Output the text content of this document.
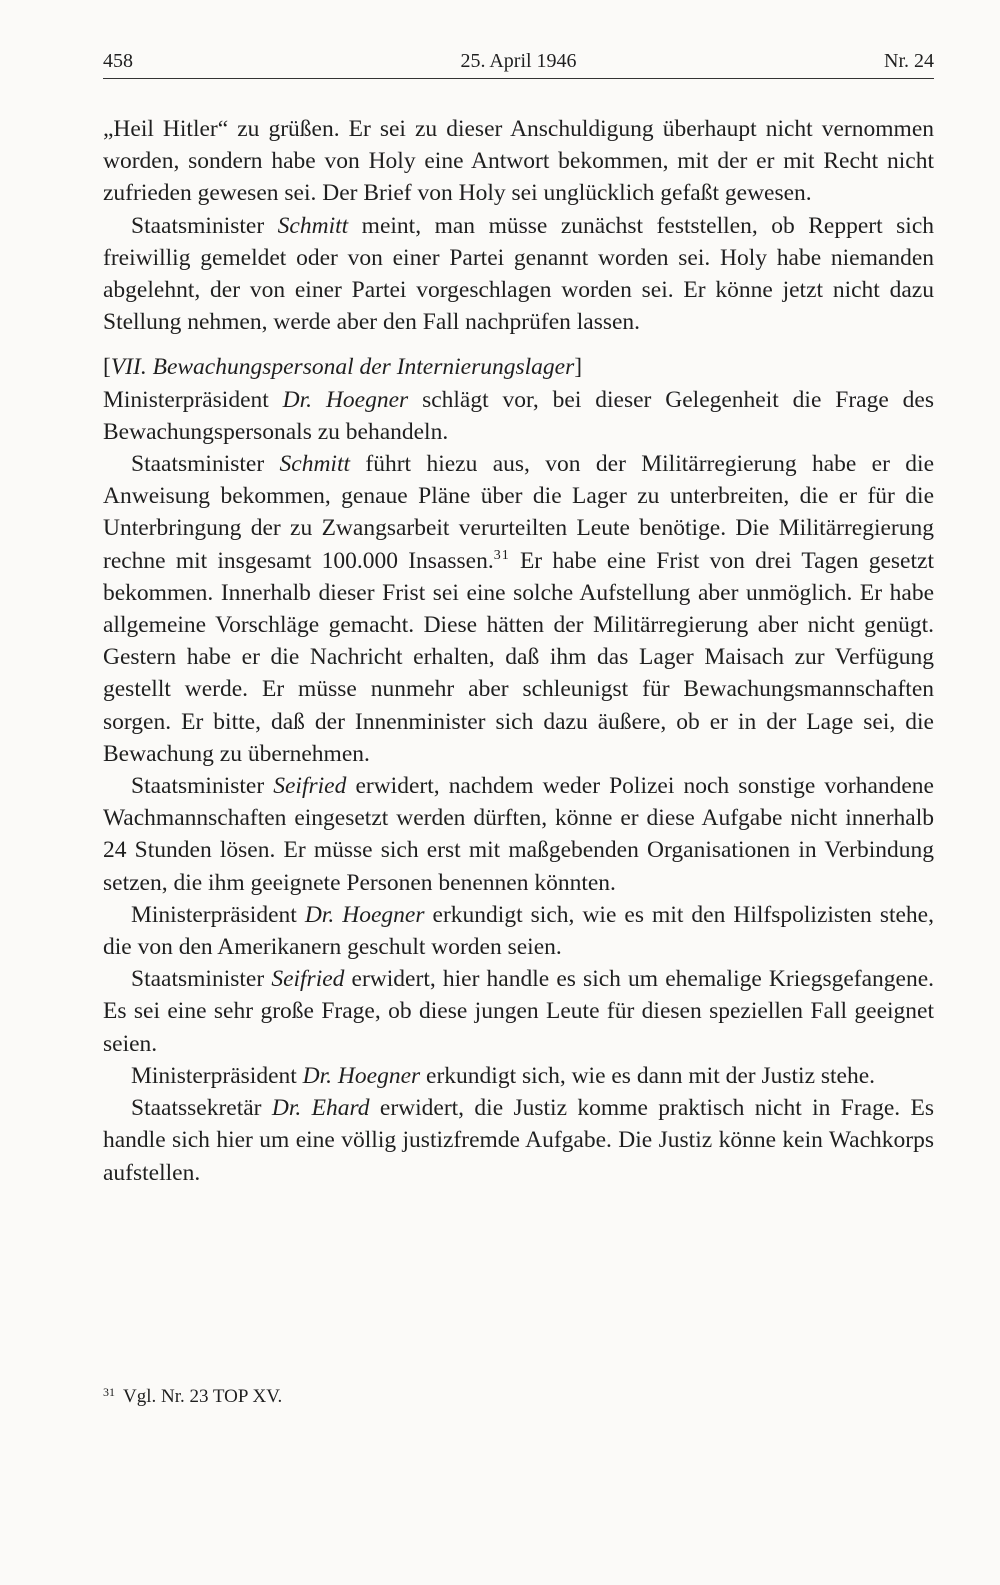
458	25. April 1946	Nr. 24

„Heil Hitler“ zu grüßen. Er sei zu dieser Anschuldigung überhaupt nicht vernommen worden, sondern habe von Holy eine Antwort bekommen, mit der er mit Recht nicht zufrieden gewesen sei. Der Brief von Holy sei unglücklich gefaßt gewesen.

Staatsminister Schmitt meint, man müsse zunächst feststellen, ob Reppert sich freiwillig gemeldet oder von einer Partei genannt worden sei. Holy habe niemanden abgelehnt, der von einer Partei vorgeschlagen worden sei. Er könne jetzt nicht dazu Stellung nehmen, werde aber den Fall nachprüfen lassen.

[VII. Bewachungspersonal der Internierungslager]

Ministerpräsident Dr. Hoegner schlägt vor, bei dieser Gelegenheit die Frage des Bewachungspersonals zu behandeln.

Staatsminister Schmitt führt hiezu aus, von der Militärregierung habe er die Anweisung bekommen, genaue Pläne über die Lager zu unterbreiten, die er für die Unterbringung der zu Zwangsarbeit verurteilten Leute benötige. Die Militärregierung rechne mit insgesamt 100.000 Insassen.$^{31}$ Er habe eine Frist von drei Tagen gesetzt bekommen. Innerhalb dieser Frist sei eine solche Aufstellung aber unmöglich. Er habe allgemeine Vorschläge gemacht. Diese hätten der Militärregierung aber nicht genügt. Gestern habe er die Nachricht erhalten, daß ihm das Lager Maisach zur Verfügung gestellt werde. Er müsse nunmehr aber schleunigst für Bewachungsmannschaften sorgen. Er bitte, daß der Innenminister sich dazu äußere, ob er in der Lage sei, die Bewachung zu übernehmen.

Staatsminister Seifried erwidert, nachdem weder Polizei noch sonstige vorhandene Wachmannschaften eingesetzt werden dürften, könne er diese Aufgabe nicht innerhalb 24 Stunden lösen. Er müsse sich erst mit maßgebenden Organisationen in Verbindung setzen, die ihm geeignete Personen benennen könnten.

Ministerpräsident Dr. Hoegner erkundigt sich, wie es mit den Hilfspolizisten stehe, die von den Amerikanern geschult worden seien.

Staatsminister Seifried erwidert, hier handle es sich um ehemalige Kriegsgefangene. Es sei eine sehr große Frage, ob diese jungen Leute für diesen speziellen Fall geeignet seien.

Ministerpräsident Dr. Hoegner erkundigt sich, wie es dann mit der Justiz stehe.

Staatssekretär Dr. Ehard erwidert, die Justiz komme praktisch nicht in Frage. Es handle sich hier um eine völlig justizfremde Aufgabe. Die Justiz könne kein Wachkorps aufstellen.

$^{31}$ Vgl. Nr. 23 TOP XV.
